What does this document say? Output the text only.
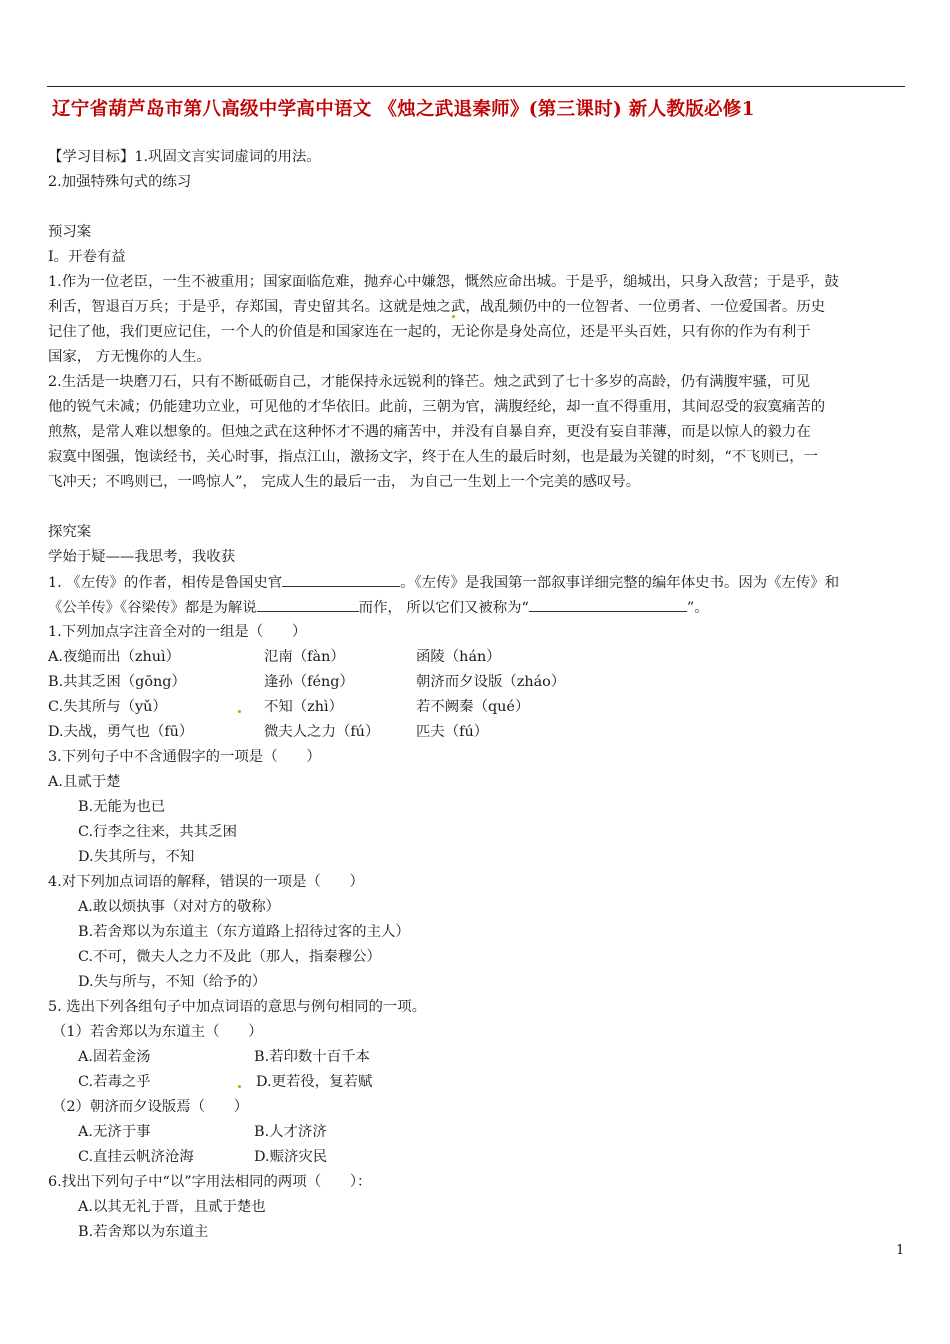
辽宁省葫芦岛市第八高级中学高中语文 《烛之武退秦师》(第三课时) 新人教版必修1
【学习目标】1.巩固文言实词虚词的用法。
2.加强特殊句式的练习
预习案
Ⅰ。开卷有益
1.作为一位老臣，一生不被重用；国家面临危难，抛弃心中嫌怨，慨然应命出城。于是乎，缒城出，只身入敌营；于是乎，鼓
利舌，智退百万兵；于是乎，存郑国，青史留其名。这就是烛之武，战乱频仍中的一位智者、一位勇者、一位爱国者。历史
记住了他，我们更应记住，一个人的价值是和国家连在一起的，无论你是身处高位，还是平头百姓，只有你的作为有利于
国家， 方无愧你的人生。
2.生活是一块磨刀石，只有不断砥砺自己，才能保持永远锐利的锋芒。烛之武到了七十多岁的高龄，仍有满腹牢骚，可见
他的锐气未减；仍能建功立业，可见他的才华依旧。此前，三朝为官，满腹经纶，却一直不得重用，其间忍受的寂寞痛苦的
煎熬，是常人难以想象的。但烛之武在这种怀才不遇的痛苦中，并没有自暴自弃，更没有妄自菲薄，而是以惊人的毅力在
寂寞中图强，饱读经书，关心时事，指点江山，激扬文字，终于在人生的最后时刻，也是最为关键的时刻，“不飞则已，一
飞冲天；不鸣则已，一鸣惊人”， 完成人生的最后一击， 为自己一生划上一个完美的感叹号。
探究案
学始于疑——我思考，我收获
1. 《左传》的作者，相传是鲁国史官	。《左传》是我国第一部叙事详细完整的编年体史书。因为《左传》和
《公羊传》《谷梁传》都是为解说	而作， 所以它们又被称为“	”。
1.下列加点字注音全对的一组是（　　）
A.夜缒而出（zhuì）	氾南（fàn）	函陵（hán）
B.共其乏困（gōng）	逢孙（féng）	朝济而夕设版（zháo）
C.失其所与（yǔ）	不知（zhì）	若不阙秦（qué）
D.夫战，勇气也（fū）	微夫人之力（fú）	匹夫（fú）
3.下列句子中不含通假字的一项是（　　）
A.且贰于楚
B.无能为也已
C.行李之往来，共其乏困
D.失其所与，不知
4.对下列加点词语的解释，错误的一项是（　　）
A.敢以烦执事（对对方的敬称）
B.若舍郑以为东道主（东方道路上招待过客的主人）
C.不可，微夫人之力不及此（那人，指秦穆公）
D.失与所与，不知（给予的）
5. 选出下列各组句子中加点词语的意思与例句相同的一项。
（1）若舍郑以为东道主（　　）
A.固若金汤	B.若印数十百千本
C.若毒之乎	D.更若役，复若赋
（2）朝济而夕设版焉（　　）
A.无济于事	B.人才济济
C.直挂云帆济沧海	D.赈济灾民
6.找出下列句子中“以”字用法相同的两项（　　）：
A.以其无礼于晋，且贰于楚也
B.若舍郑以为东道主
1
